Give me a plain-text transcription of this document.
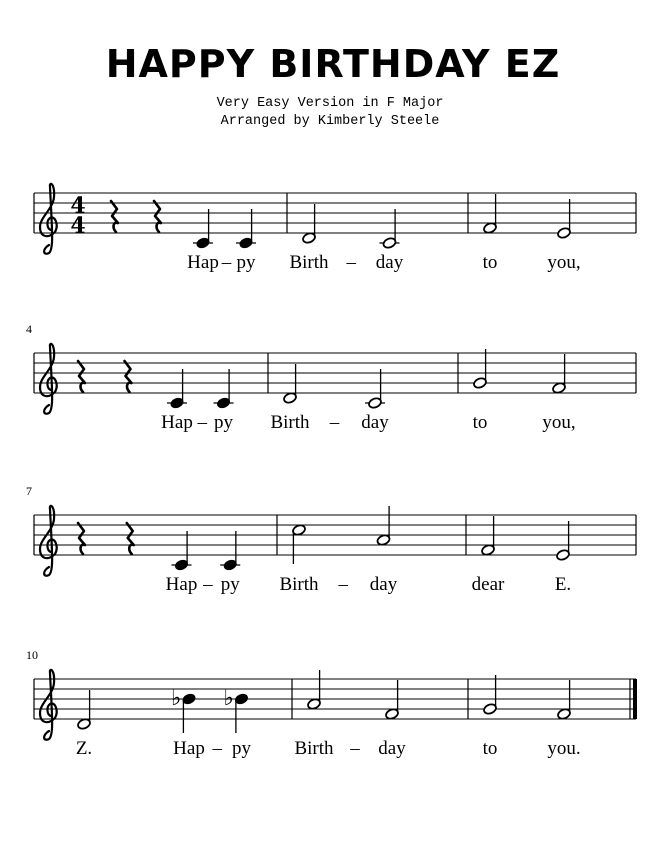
HAPPY BIRTHDAY EZ
Very Easy Version in F Major
Arranged by Kimberly Steele
4
4
Hap py
–	Birth day
–	to	you,
4
Hap py
–	Birth	day
–	to	you,
7
Hap py
–	Birth	day
–	dear	E.
10
Z.
♭
Hap
♭
py
–	Birth day
–	to	you.
